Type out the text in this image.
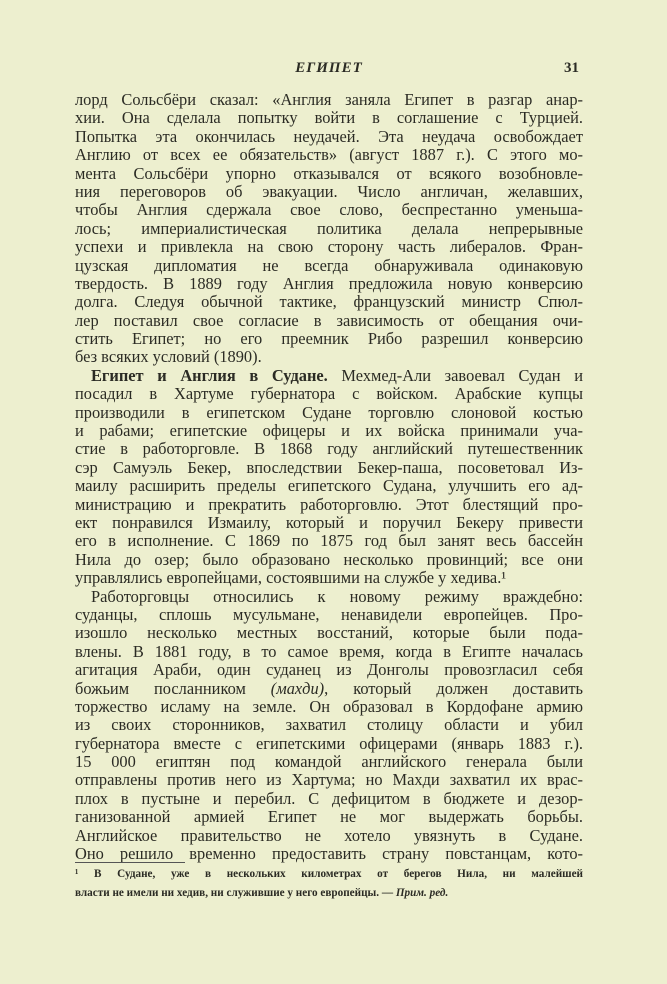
ЕГИПЕТ	31
лорд Сольсбёри сказал: «Англия заняла Египет в разгар анар-
хии. Она сделала попытку войти в соглашение с Турцией.
Попытка эта окончилась неудачей. Эта неудача освобождает
Англию от всех ее обязательств» (август 1887 г.). С этого мо-
мента Сольсбёри упорно отказывался от всякого возобновле-
ния переговоров об эвакуации. Число англичан, желавших,
чтобы Англия сдержала свое слово, беспрестанно уменьша-
лось; империалистическая политика делала непрерывные
успехи и привлекла на свою сторону часть либералов. Фран-
цузская дипломатия не всегда обнаруживала одинаковую
твердость. В 1889 году Англия предложила новую конверсию
долга. Следуя обычной тактике, французский министр Спюл-
лер поставил свое согласие в зависимость от обещания очи-
стить Египет; но его преемник Рибо разрешил конверсию
без всяких условий (1890).
Египет и Англия в Судане. Мехмед-Али завоевал Судан и
посадил в Хартуме губернатора с войском. Арабские купцы
производили в египетском Судане торговлю слоновой костью
и рабами; египетские офицеры и их войска принимали уча-
стие в работорговле. В 1868 году английский путешественник
сэр Самуэль Бекер, впоследствии Бекер-паша, посоветовал Из-
маилу расширить пределы египетского Судана, улучшить его ад-
министрацию и прекратить работорговлю. Этот блестящий про-
ект понравился Измаилу, который и поручил Бекеру привести
его в исполнение. С 1869 по 1875 год был занят весь бассейн
Нила до озер; было образовано несколько провинций; все они
управлялись европейцами, состоявшими на службе у хедива.¹
Работорговцы относились к новому режиму враждебно:
суданцы, сплошь мусульмане, ненавидели европейцев. Про-
изошло несколько местных восстаний, которые были пода-
влены. В 1881 году, в то самое время, когда в Египте началась
агитация Араби, один суданец из Донголы провозгласил себя
божьим посланником (махди), который должен доставить
торжество исламу на земле. Он образовал в Кордофане армию
из своих сторонников, захватил столицу области и убил
губернатора вместе с египетскими офицерами (январь 1883 г.).
15 000 египтян под командой английского генерала были
отправлены против него из Хартума; но Махди захватил их врас-
плох в пустыне и перебил. С дефицитом в бюджете и дезор-
ганизованной армией Египет не мог выдержать борьбы.
Английское правительство не хотело увязнуть в Судане.
Оно решило временно предоставить страну повстанцам, кото-
¹ В Судане, уже в нескольких километрах от берегов Нила, ни малейшей
власти не имели ни хедив, ни служившие у него европейцы. — Прим. ред.
